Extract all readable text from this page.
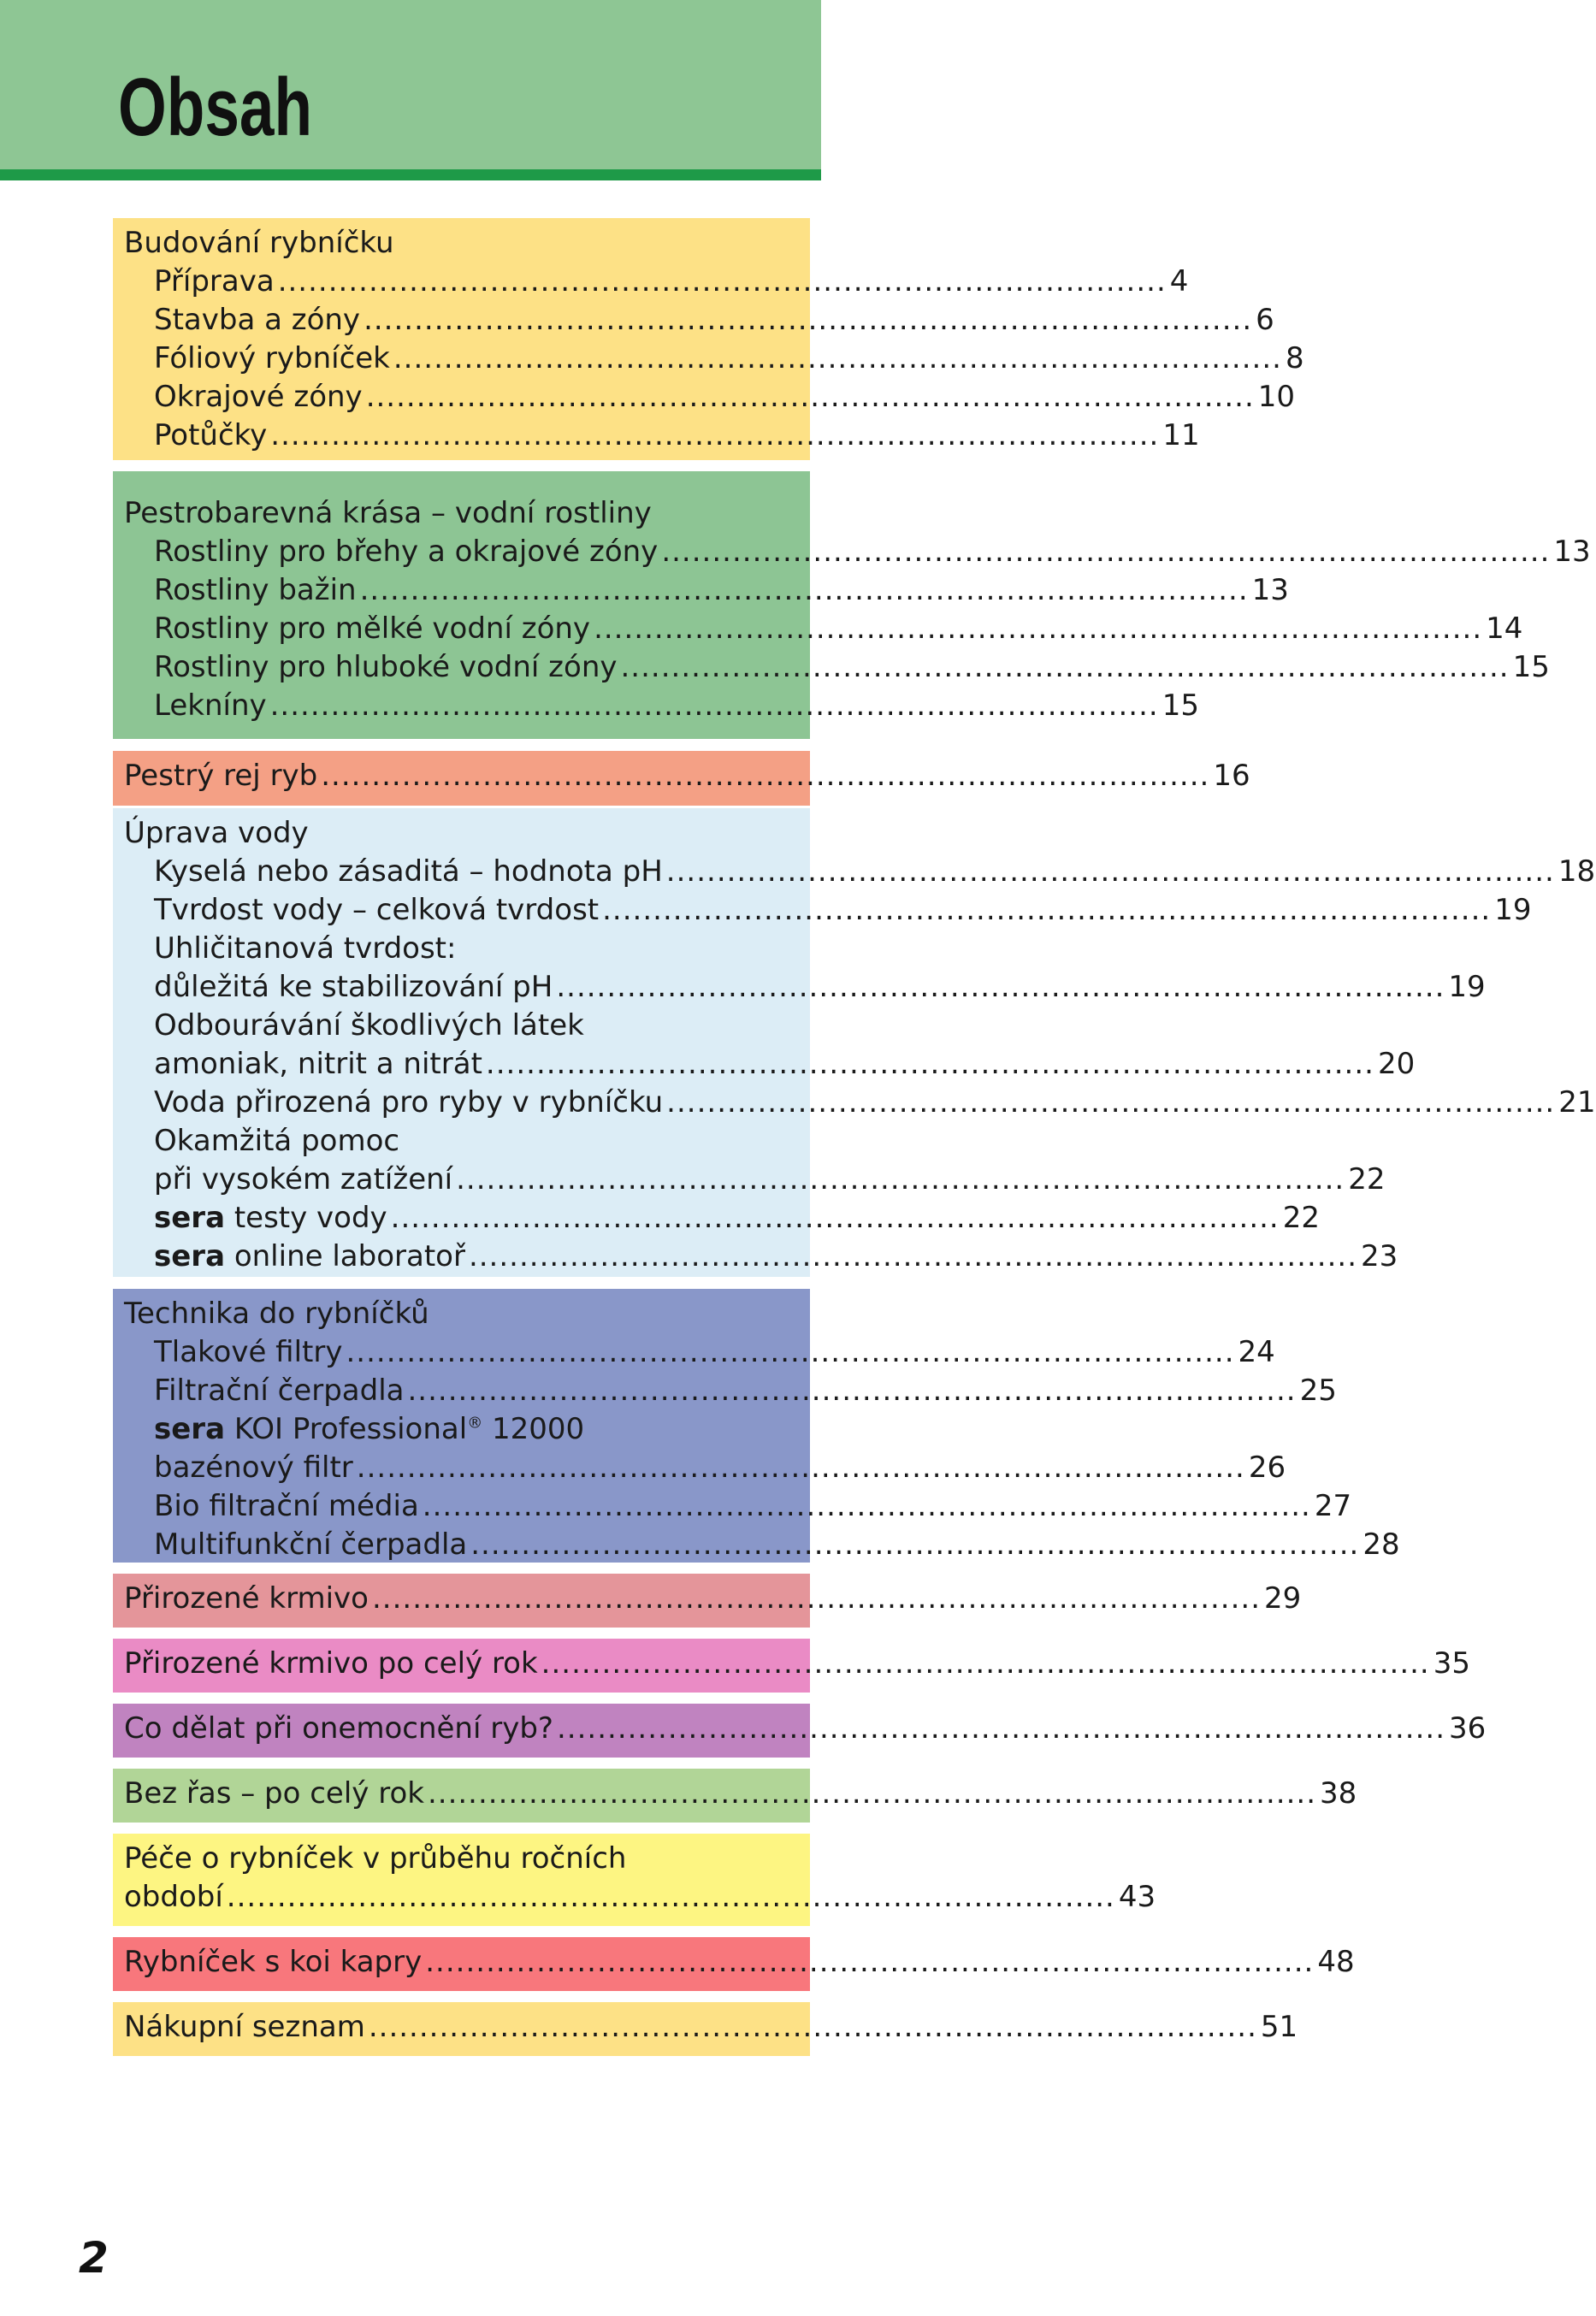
Obsah
Budování rybníčku
Příprava ........................................................................................ 4
Stavba a zóny ........................................................................................ 6
Fóliový rybníček ........................................................................................ 8
Okrajové zóny ........................................................................................ 10
Potůčky ........................................................................................ 11
Pestrobarevná krása – vodní rostliny
Rostliny pro břehy a okrajové zóny ........................................................................................ 13
Rostliny bažin ........................................................................................ 13
Rostliny pro mělké vodní zóny ........................................................................................ 14
Rostliny pro hluboké vodní zóny ........................................................................................ 15
Lekníny ........................................................................................ 15
Pestrý rej ryb ........................................................................................ 16
Úprava vody
Kyselá nebo zásaditá – hodnota pH ........................................................................................ 18
Tvrdost vody – celková tvrdost ........................................................................................ 19
Uhličitanová tvrdost:
důležitá ke stabilizování pH ........................................................................................ 19
Odbourávání škodlivých látek
amoniak, nitrit a nitrát ........................................................................................ 20
Voda přirozená pro ryby v rybníčku ........................................................................................ 21
Okamžitá pomoc
při vysokém zatížení ........................................................................................ 22
sera testy vody ........................................................................................ 22
sera online laboratoř ........................................................................................ 23
Technika do rybníčků
Tlakové filtry ........................................................................................ 24
Filtrační čerpadla ........................................................................................ 25
sera KOI Professional® 12000
bazénový filtr ........................................................................................ 26
Bio filtrační média ........................................................................................ 27
Multifunkční čerpadla ........................................................................................ 28
Přirozené krmivo ........................................................................................ 29
Přirozené krmivo po celý rok ........................................................................................ 35
Co dělat při onemocnění ryb? ........................................................................................ 36
Bez řas – po celý rok ........................................................................................ 38
Péče o rybníček v průběhu ročních
období ........................................................................................ 43
Rybníček s koi kapry ........................................................................................ 48
Nákupní seznam ........................................................................................ 51
2
